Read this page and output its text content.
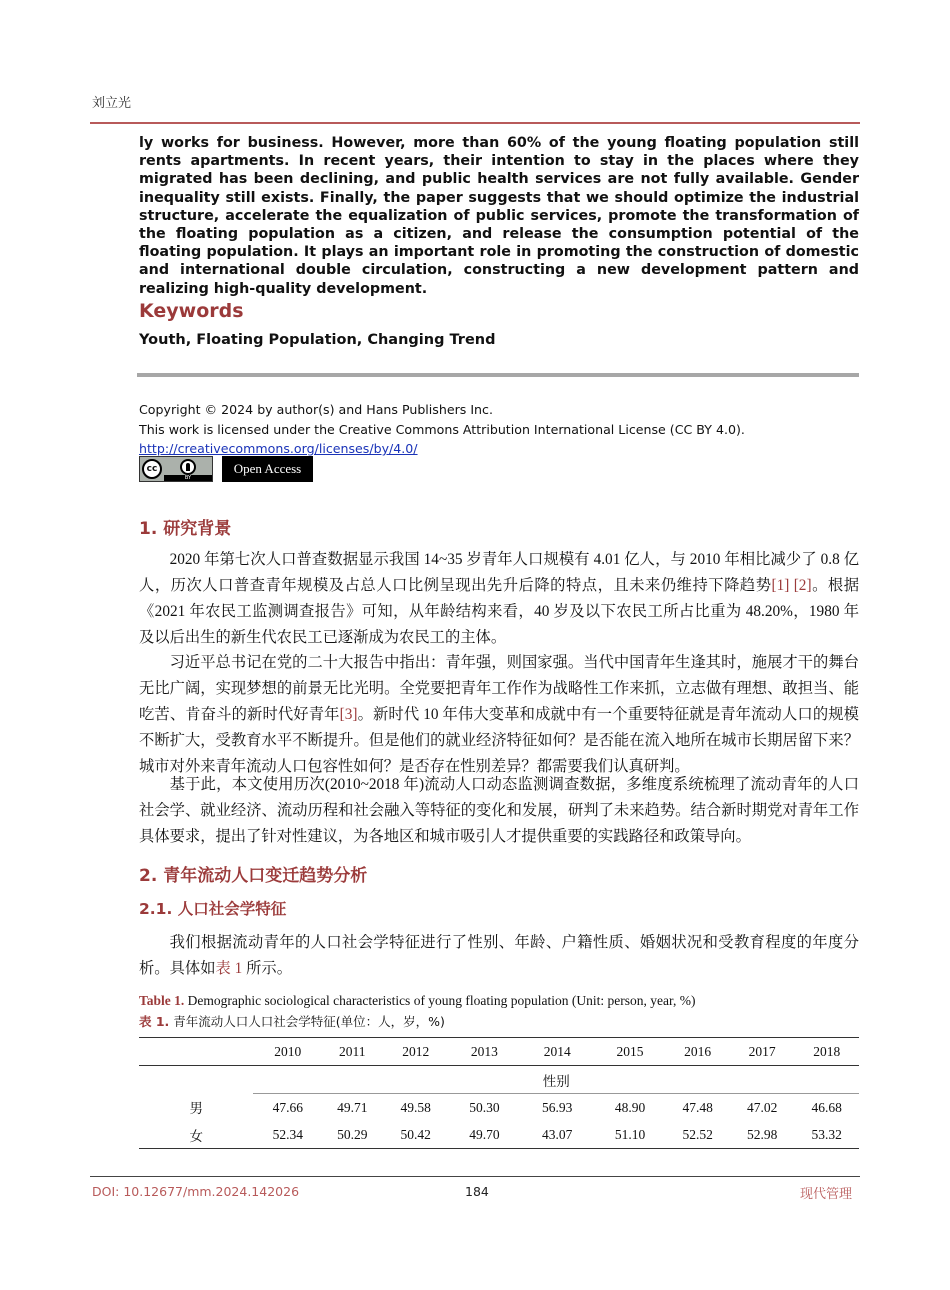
刘立光
ly works for business. However, more than 60% of the young floating population still rents apartments. In recent years, their intention to stay in the places where they migrated has been declining, and public health services are not fully available. Gender inequality still exists. Finally, the paper suggests that we should optimize the industrial structure, accelerate the equalization of public services, promote the transformation of the floating population as a citizen, and release the consumption potential of the floating population. It plays an important role in promoting the construction of domestic and international double circulation, constructing a new development pattern and realizing high-quality development.
Keywords
Youth, Floating Population, Changing Trend
Copyright © 2024 by author(s) and Hans Publishers Inc.
This work is licensed under the Creative Commons Attribution International License (CC BY 4.0).
http://creativecommons.org/licenses/by/4.0/
cc
BY
Open Access
1. 研究背景
2020 年第七次人口普查数据显示我国 14~35 岁青年人口规模有 4.01 亿人，与 2010 年相比减少了 0.8 亿人，历次人口普查青年规模及占总人口比例呈现出先升后降的特点，且未来仍维持下降趋势[1] [2]。根据《2021 年农民工监测调查报告》可知，从年龄结构来看，40 岁及以下农民工所占比重为 48.20%，1980 年及以后出生的新生代农民工已逐渐成为农民工的主体。
习近平总书记在党的二十大报告中指出：青年强，则国家强。当代中国青年生逢其时，施展才干的舞台无比广阔，实现梦想的前景无比光明。全党要把青年工作作为战略性工作来抓，立志做有理想、敢担当、能吃苦、肯奋斗的新时代好青年[3]。新时代 10 年伟大变革和成就中有一个重要特征就是青年流动人口的规模不断扩大，受教育水平不断提升。但是他们的就业经济特征如何？是否能在流入地所在城市长期居留下来？城市对外来青年流动人口包容性如何？是否存在性别差异？都需要我们认真研判。
基于此，本文使用历次(2010~2018 年)流动人口动态监测调查数据，多维度系统梳理了流动青年的人口社会学、就业经济、流动历程和社会融入等特征的变化和发展，研判了未来趋势。结合新时期党对青年工作具体要求，提出了针对性建议，为各地区和城市吸引人才提供重要的实践路径和政策导向。
2. 青年流动人口变迁趋势分析
2.1. 人口社会学特征
我们根据流动青年的人口社会学特征进行了性别、年龄、户籍性质、婚姻状况和受教育程度的年度分析。具体如表 1 所示。
Table 1. Demographic sociological characteristics of young floating population (Unit: person, year, %)
表 1. 青年流动人口人口社会学特征(单位：人，岁，%)
	2010	2011	2012	2013	2014	2015	2016	2017	2018
	性别								
男	47.66	49.71	49.58	50.30	56.93	48.90	47.48	47.02	46.68
女	52.34	50.29	50.42	49.70	43.07	51.10	52.52	52.98	53.32
DOI: 10.12677/mm.2024.142026	184	现代管理
